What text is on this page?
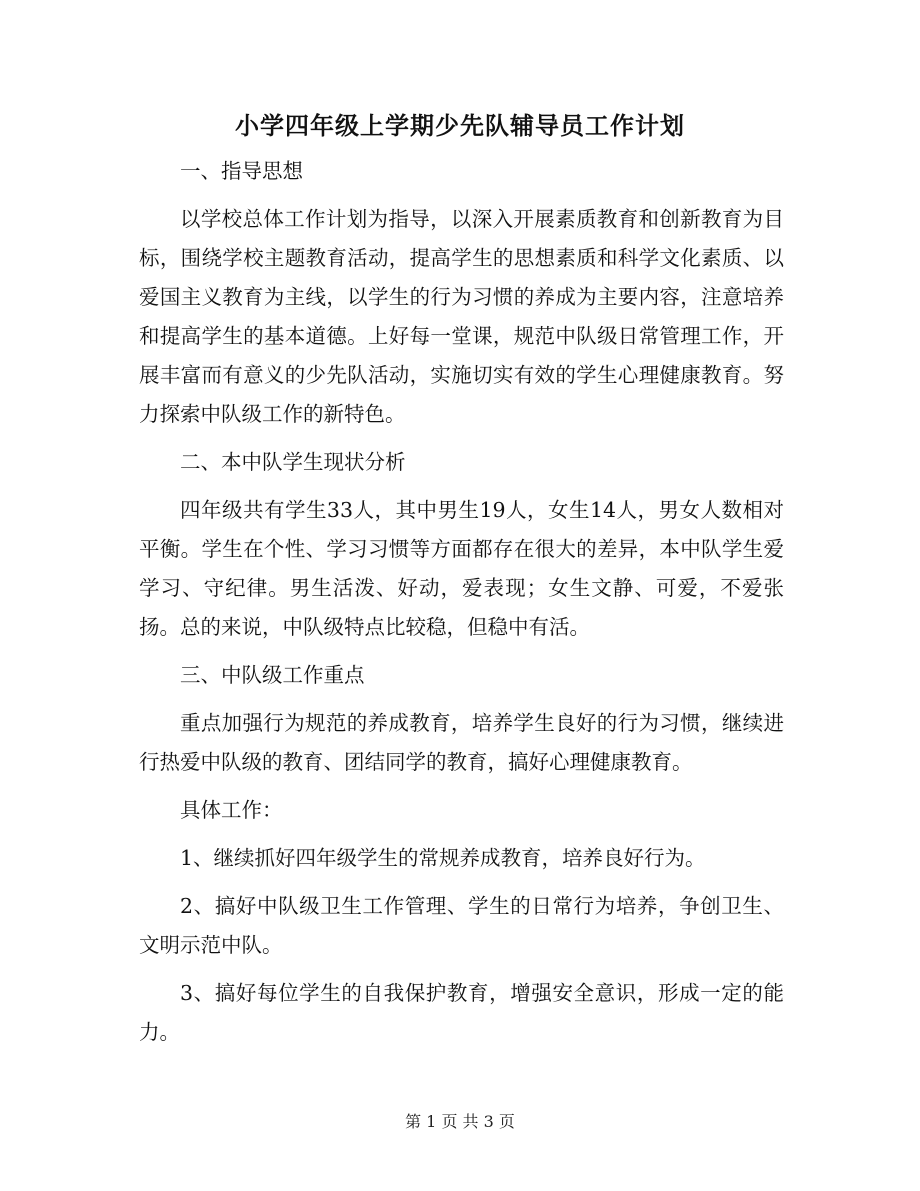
小学四年级上学期少先队辅导员工作计划

一、指导思想

以学校总体工作计划为指导，以深入开展素质教育和创新教育为目标，围绕学校主题教育活动，提高学生的思想素质和科学文化素质、以爱国主义教育为主线，以学生的行为习惯的养成为主要内容，注意培养和提高学生的基本道德。上好每一堂课，规范中队级日常管理工作，开展丰富而有意义的少先队活动，实施切实有效的学生心理健康教育。努力探索中队级工作的新特色。

二、本中队学生现状分析

四年级共有学生33人，其中男生19人，女生14人，男女人数相对平衡。学生在个性、学习习惯等方面都存在很大的差异，本中队学生爱学习、守纪律。男生活泼、好动，爱表现；女生文静、可爱，不爱张扬。总的来说，中队级特点比较稳，但稳中有活。

三、中队级工作重点

重点加强行为规范的养成教育，培养学生良好的行为习惯，继续进行热爱中队级的教育、团结同学的教育，搞好心理健康教育。

具体工作：

1、继续抓好四年级学生的常规养成教育，培养良好行为。

2、搞好中队级卫生工作管理、学生的日常行为培养，争创卫生、文明示范中队。

3、搞好每位学生的自我保护教育，增强安全意识，形成一定的能力。

第 1 页 共 3 页
